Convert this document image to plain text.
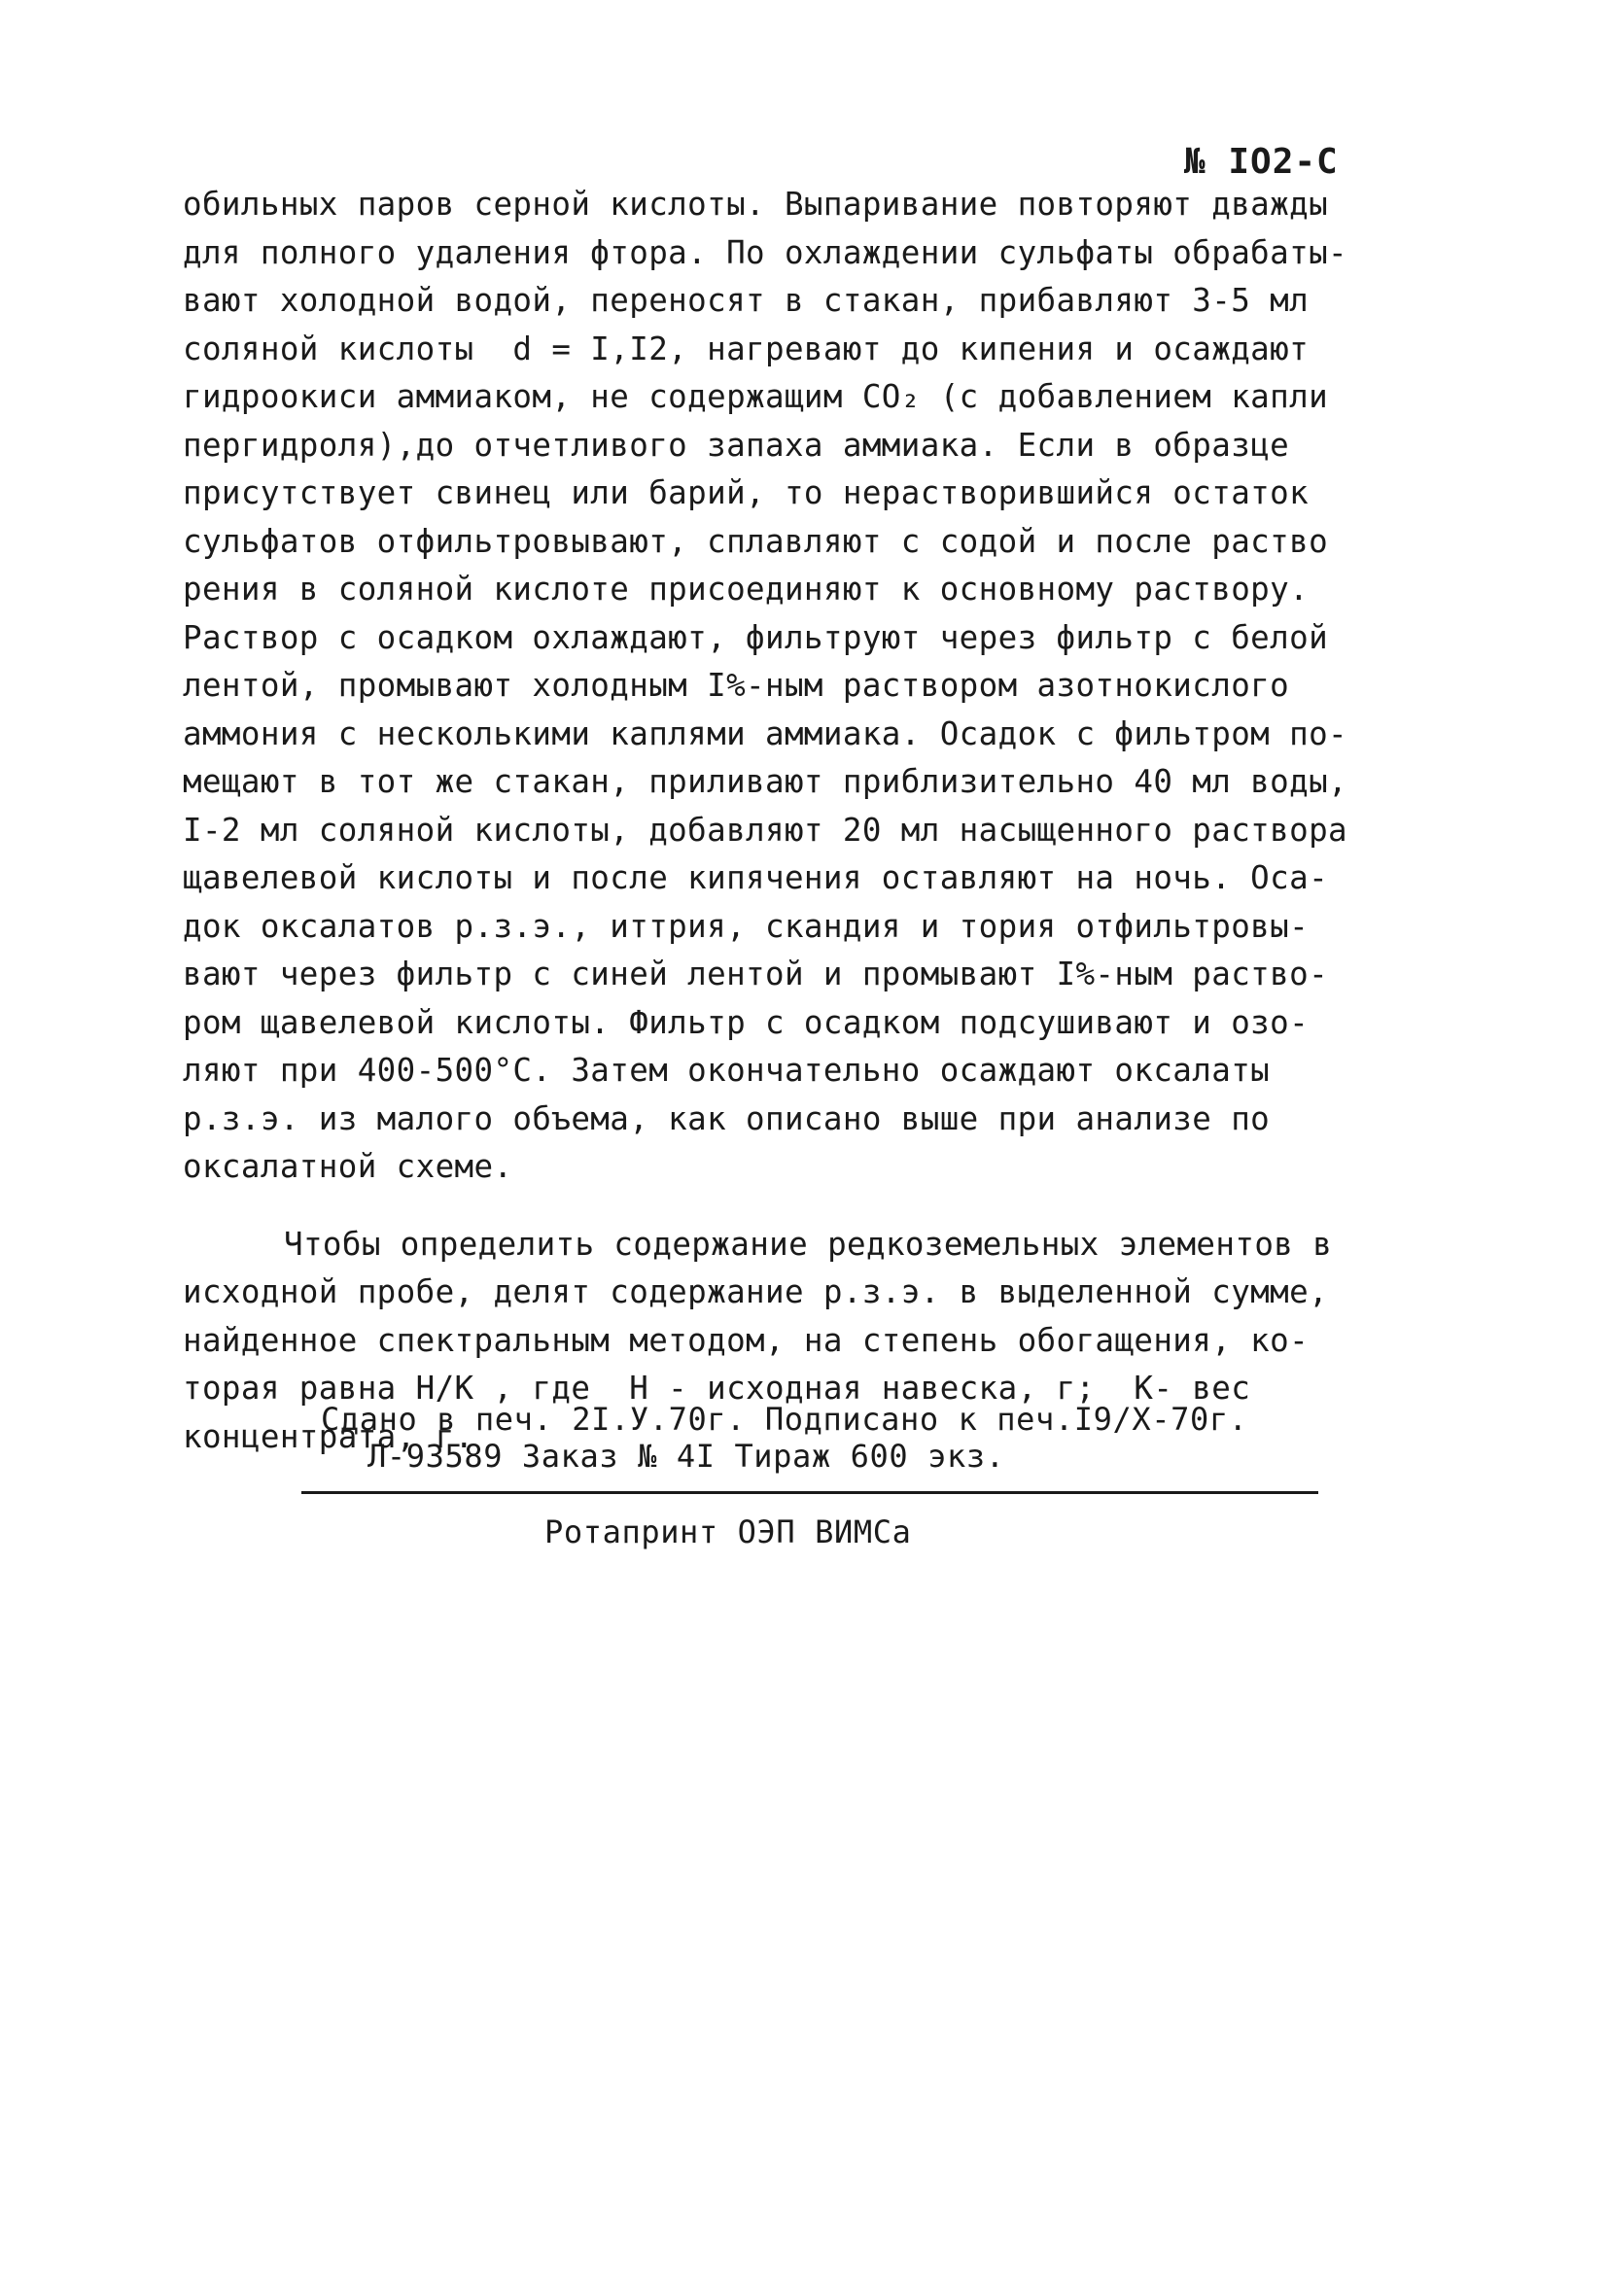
№ IO2-С
обильных паров серной кислоты. Выпаривание повторяют дважды
для полного удаления фтора. По охлаждении сульфаты обрабаты-
вают холодной водой, переносят в стакан, прибавляют 3-5 мл
соляной кислоты  d = I,I2, нагревают до кипения и осаждают
гидроокиси аммиаком, не содержащим CO₂ (с добавлением капли
пергидроля),до отчетливого запаха аммиака. Если в образце
присутствует свинец или барий, то нерастворившийся остаток
сульфатов отфильтровывают, сплавляют с содой и после раство
рения в соляной кислоте присоединяют к основному раствору.
Раствор с осадком охлаждают, фильтруют через фильтр с белой
лентой, промывают холодным I%-ным раствором азотнокислого
аммония с несколькими каплями аммиака. Осадок с фильтром по-
мещают в тот же стакан, приливают приблизительно 40 мл воды,
I-2 мл соляной кислоты, добавляют 20 мл насыщенного раствора
щавелевой кислоты и после кипячения оставляют на ночь. Оса-
док оксалатов р.з.э., иттрия, скандия и тория отфильтровы-
вают через фильтр с синей лентой и промывают I%-ным раство-
ром щавелевой кислоты. Фильтр с осадком подсушивают и озо-
ляют при 400-500°С. Затем окончательно осаждают оксалаты
р.з.э. из малого объема, как описано выше при анализе по
оксалатной схеме.
Чтобы определить содержание редкоземельных элементов в
исходной пробе, делят содержание р.з.э. в выделенной сумме,
найденное спектральным методом, на степень обогащения, ко-
торая равна Н/К , где  Н - исходная навеска, г;  К- вес
концентрата, г.
Сдано в печ. 2I.У.70г. Подписано к печ.I9/Х-70г.
Л-93589 Заказ № 4I Тираж 600 экз.
Ротапринт ОЭП ВИМСа
